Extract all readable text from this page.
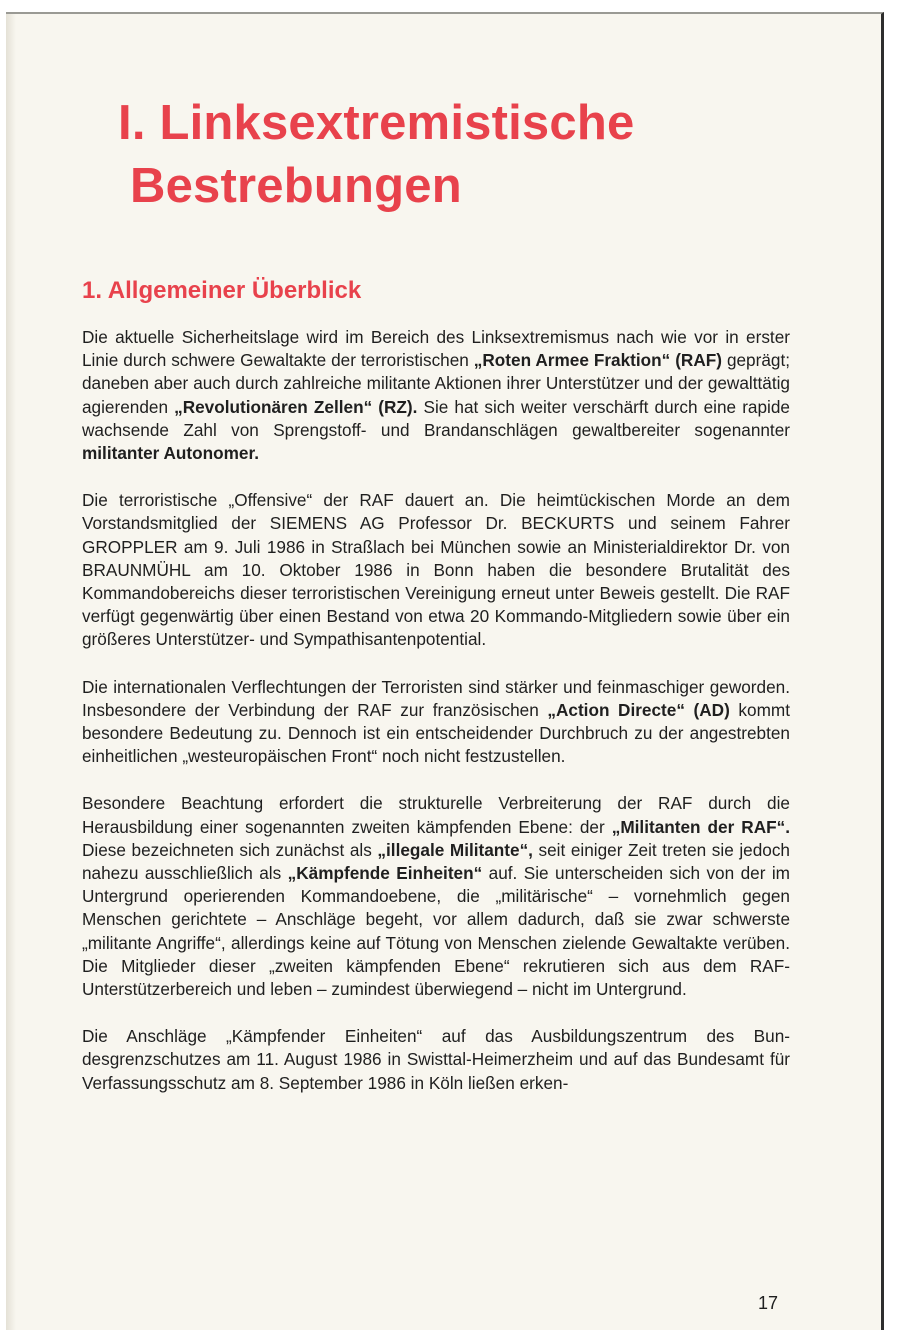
I. Linksextremistische
Bestrebungen
1. Allgemeiner Überblick

Die aktuelle Sicherheitslage wird im Bereich des Linksextremismus nach wie vor in erster Linie durch schwere Gewaltakte der terroristischen „Roten Armee Fraktion“ (RAF) geprägt; daneben aber auch durch zahlreiche militante Aktionen ihrer Unterstützer und der gewalttätig agierenden „Revolutionären Zellen“ (RZ). Sie hat sich weiter verschärft durch eine rapide wachsende Zahl von Sprengstoff- und Brandanschlägen gewaltbereiter sogenannter militanter Autonomer.

Die terroristische „Offensive“ der RAF dauert an. Die heimtückischen Morde an dem Vorstandsmitglied der SIEMENS AG Professor Dr. BECKURTS und seinem Fahrer GROPPLER am 9. Juli 1986 in Straßlach bei München sowie an Ministerialdirektor Dr. von BRAUNMÜHL am 10. Oktober 1986 in Bonn haben die besondere Brutalität des Kommandobereichs dieser terroristischen Vereinigung erneut unter Beweis gestellt. Die RAF verfügt gegenwärtig über einen Bestand von etwa 20 Kommando-Mitgliedern sowie über ein größeres Unterstützer- und Sympathisantenpotential.

Die internationalen Verflechtungen der Terroristen sind stärker und feinmaschiger geworden. Insbesondere der Verbindung der RAF zur französischen „Action Directe“ (AD) kommt besondere Bedeutung zu. Dennoch ist ein entscheidender Durchbruch zu der angestrebten einheitlichen „westeuropäischen Front“ noch nicht festzustellen.

Besondere Beachtung erfordert die strukturelle Verbreiterung der RAF durch die Herausbildung einer sogenannten zweiten kämpfenden Ebene: der „Militanten der RAF“. Diese bezeichneten sich zunächst als „illegale Militante“, seit einiger Zeit treten sie jedoch nahezu ausschließlich als „Kämpfende Einheiten“ auf. Sie unterscheiden sich von der im Untergrund operierenden Kommandoebene, die „militärische“ – vornehmlich gegen Menschen gerichtete – Anschläge begeht, vor allem dadurch, daß sie zwar schwerste „militante Angriffe“, allerdings keine auf Tötung von Menschen zielende Gewaltakte verüben. Die Mitglieder dieser „zweiten kämpfenden Ebene“ rekrutieren sich aus dem RAF-Unterstützerbereich und leben – zumindest überwiegend – nicht im Untergrund.

Die Anschläge „Kämpfender Einheiten“ auf das Ausbildungszentrum des Bundesgrenzschutzes am 11. August 1986 in Swisttal-Heimerzheim und auf das Bundesamt für Verfassungsschutz am 8. September 1986 in Köln ließen erken-

17
